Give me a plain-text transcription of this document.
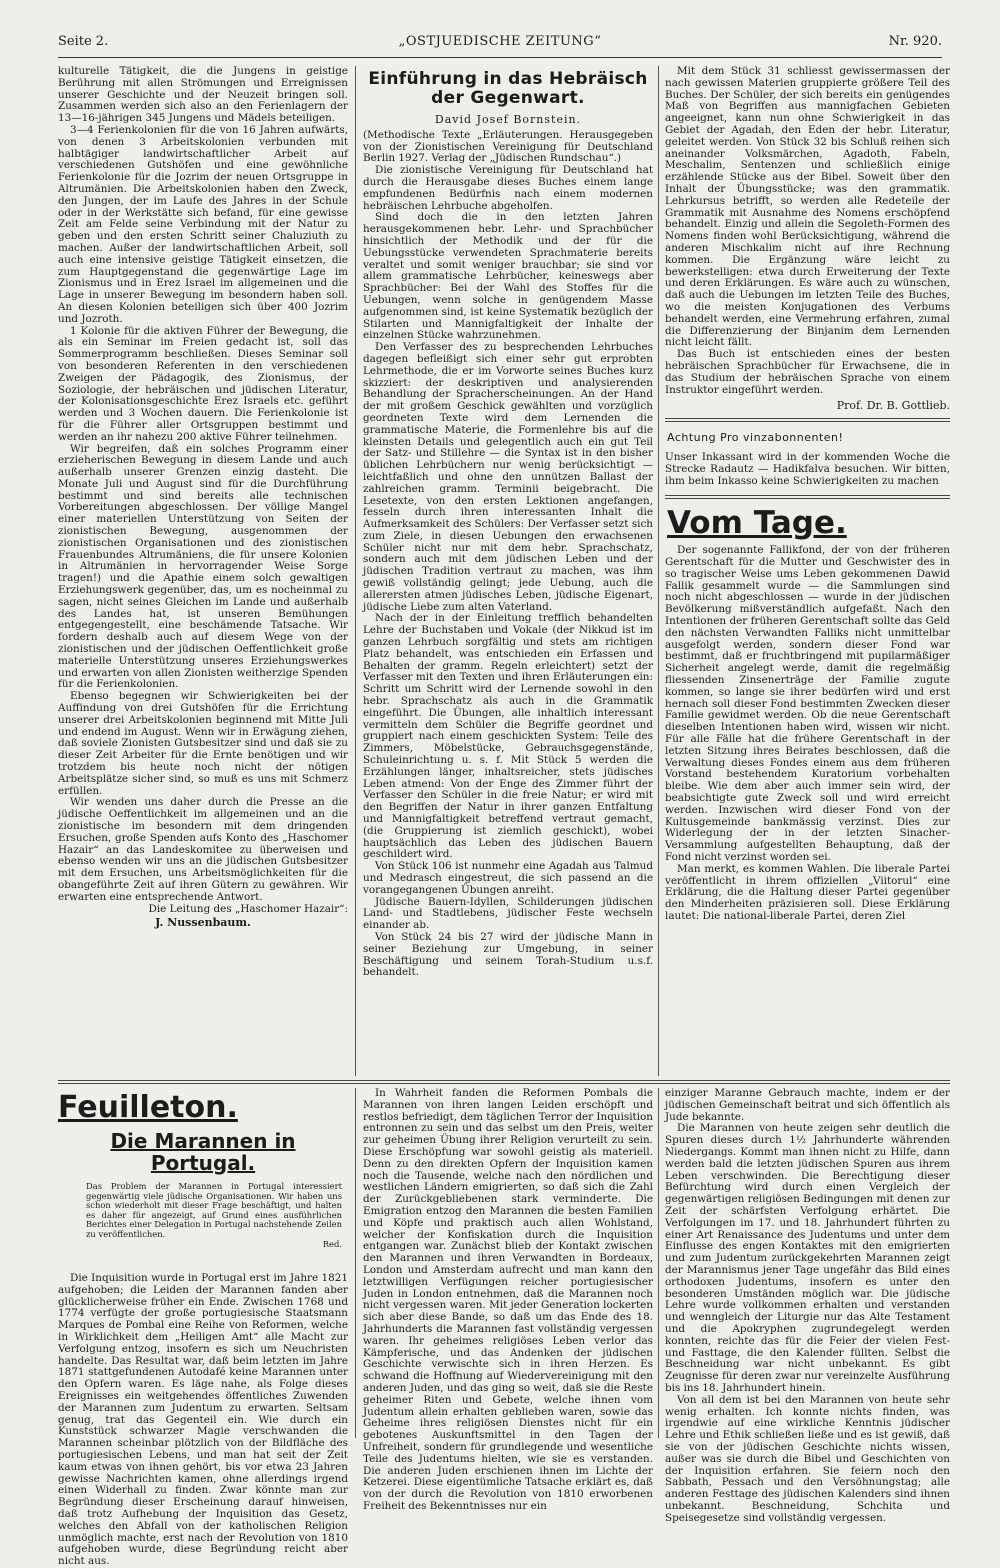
Seite 2.	„OSTJUEDISCHE ZEITUNG“	Nr. 920.

kulturelle Tätigkeit, die die Jungens in geistige Berührung mit allen Strömungen und Erreignissen unserer Geschichte und der Neuzeit bringen soll. Zusammen werden sich also an den Ferienlagern der 13—16-jährigen 345 Jungens und Mädels beteiligen.

3—4 Ferienkolonien für die von 16 Jahren aufwärts, von denen 3 Arbeitskolonien verbunden mit halbtägiger landwirtschaftlicher Arbeit auf verschiedenen Gutshöfen und eine gewöhnliche Ferienkolonie für die Jozrim der neuen Ortsgruppe in Altrumänien. Die Arbeitskolonien haben den Zweck, den Jungen, der im Laufe des Jahres in der Schule oder in der Werkstätte sich befand, für eine gewisse Zeit am Felde seine Verbindung mit der Natur zu geben und den ersten Schritt seiner Chaluziuth zu machen. Außer der landwirtschaftlichen Arbeit, soll auch eine intensive geistige Tätigkeit einsetzen, die zum Hauptgegenstand die gegenwärtige Lage im Zionismus und in Erez Israel im allgemeinen und die Lage in unserer Bewegung im besondern haben soll. An diesen Kolonien beteiligen sich über 400 Jozrim und Jozroth.

1 Kolonie für die aktiven Führer der Bewegung, die als ein Seminar im Freien gedacht ist, soll das Sommerprogramm beschließen. Dieses Seminar soll von besonderen Referenten in den verschiedenen Zweigen der Pädagogik, des Zionismus, der Soziologie, der hebräischen und jüdischen Literatur, der Kolonisationsgeschichte Erez Israels etc. geführt werden und 3 Wochen dauern. Die Ferienkolonie ist für die Führer aller Ortsgruppen bestimmt und werden an ihr nahezu 200 aktive Führer teilnehmen.

Wir begreifen, daß ein solches Programm einer erzieherischen Bewegung in diesem Lande und auch außerhalb unserer Grenzen einzig dasteht. Die Monate Juli und August sind für die Durchführung bestimmt und sind bereits alle technischen Vorbereitungen abgeschlossen. Der völlige Mangel einer materiellen Unterstützung von Seiten der zionistischen Bewegung, ausgenommen der zionistischen Organisationen und des zionistischen Frauenbundes Altrumäniens, die für unsere Kolonien in Altrumänien in hervorragender Weise Sorge tragen!) und die Apathie einem solch gewaltigen Erziehungswerk gegenüber, das, um es nocheinmal zu sagen, nicht seines Gleichen im Lande und außerhalb des Landes hat, ist unseren Bemühungen entgegengestellt, eine beschämende Tatsache. Wir fordern deshalb auch auf diesem Wege von der zionistischen und der jüdischen Oeffentlichkeit große materielle Unterstützung unseres Erziehungswerkes und erwarten von allen Zionisten weitherzige Spenden für die Ferienkolonien.

Ebenso begegnen wir Schwierigkeiten bei der Auffindung von drei Gutshöfen für die Errichtung unserer drei Arbeitskolonien beginnend mit Mitte Juli und endend im August. Wenn wir in Erwägung ziehen, daß soviele Zionisten Gutsbesitzer sind und daß sie zu dieser Zeit Arbeiter für die Ernte benötigen und wir trotzdem bis heute noch nicht der nötigen Arbeitsplätze sicher sind, so muß es uns mit Schmerz erfüllen.

Wir wenden uns daher durch die Presse an die jüdische Oeffentlichkeit im allgemeinen und an die zionistische im besondern mit dem dringenden Ersuchen, große Spenden aufs Konto des „Haschomer Hazair“ an das Landeskomitee zu überweisen und ebenso wenden wir uns an die jüdischen Gutsbesitzer mit dem Ersuchen, uns Arbeitsmöglichkeiten für die obangeführte Zeit auf ihren Gütern zu gewähren. Wir erwarten eine entsprechende Antwort.

Die Leitung des „Haschomer Hazair“:

J. Nussenbaum.
Einführung in das Hebräisch der Gegenwart.
David Josef Bornstein.

(Methodische Texte „Erläuterungen. Herausgegeben von der Zionistischen Vereinigung für Deutschland Berlin 1927. Verlag der „Jüdischen Rundschau“.)

Die zionistische Vereinigung für Deutschland hat durch die Herausgabe dieses Buches einem lange empfundenen Bedürfnis nach einem modernen hebräischen Lehrbuche abgeholfen.

Sind doch die in den letzten Jahren herausgekommenen hebr. Lehr- und Sprachbücher hinsichtlich der Methodik und der für die Uebungsstücke verwendeten Sprachmaterie bereits veraltet und somit weniger brauchbar; sie sind vor allem grammatische Lehrbücher, keineswegs aber Sprachbücher: Bei der Wahl des Stoffes für die Uebungen, wenn solche in genügendem Masse aufgenommen sind, ist keine Systematik bezüglich der Stilarten und Mannigfaltigkeit der Inhalte der einzelnen Stücke wahrzunehmen.

Den Verfasser des zu besprechenden Lehrbuches dagegen befleißigt sich einer sehr gut erprobten Lehrmethode, die er im Vorworte seines Buches kurz skizziert: der deskriptiven und analysierenden Behandlung der Spracherscheinungen. An der Hand der mit großem Geschick gewählten und vorzüglich geordneten Texte wird dem Lernenden die grammatische Materie, die Formenlehre bis auf die kleinsten Details und gelegentlich auch ein gut Teil der Satz- und Stillehre — die Syntax ist in den bisher üblichen Lehrbüchern nur wenig berücksichtigt — leichtfaßlich und ohne den unnützen Ballast der zahlreichen gramm. Terminii beigebracht. Die Lesetexte, von den ersten Lektionen angefangen, fesseln durch ihren interessanten Inhalt die Aufmerksamkeit des Schülers: Der Verfasser setzt sich zum Ziele, in diesen Uebungen den erwachsenen Schüler nicht nur mit dem hebr. Sprachschatz, sondern auch mit dem jüdischen Leben und der jüdischen Tradition vertraut zu machen, was ihm gewiß vollständig gelingt; jede Uebung, auch die allerersten atmen jüdisches Leben, jüdische Eigenart, jüdische Liebe zum alten Vaterland.

Nach der in der Einleitung trefflich behandelten Lehre der Buchstaben und Vokale (der Nikkud ist im ganzen Lehrbuch sorgfältig und stets am richtigen Platz behandelt, was entschieden ein Erfassen und Behalten der gramm. Regeln erleichtert) setzt der Verfasser mit den Texten und ihren Erläuterungen ein: Schritt um Schritt wird der Lernende sowohl in den hebr. Sprachschatz als auch in die Grammatik eingeführt. Die Übungen, alle inhaltlich interessant vermitteln dem Schüler die Begriffe geordnet und gruppiert nach einem geschickten System: Teile des Zimmers, Möbelstücke, Gebrauchsgegenstände, Schuleinrichtung u. s. f. Mit Stück 5 werden die Erzählungen länger, inhaltsreicher, stets jüdisches Leben atmend: Von der Enge des Zimmer führt der Verfasser den Schüler in die freie Natur; er wird mit den Begriffen der Natur in ihrer ganzen Entfaltung und Mannigfaltigkeit betreffend vertraut gemacht, (die Gruppierung ist ziemlich geschickt), wobei hauptsächlich das Leben des jüdischen Bauern geschildert wird.

Von Stück 106 ist nunmehr eine Agadah aus Talmud und Medrasch eingestreut, die sich passend an die vorangegangenen Übungen anreiht.

Jüdische Bauern-Idyllen, Schilderungen jüdischen Land- und Stadtlebens, jüdischer Feste wechseln einander ab.

Von Stück 24 bis 27 wird der jüdische Mann in seiner Beziehung zur Umgebung, in seiner Beschäftigung und seinem Torah-Studium u.s.f. behandelt.

Mit dem Stück 31 schliesst gewissermassen der nach gewissen Materien gruppierte größere Teil des Buches. Der Schüler, der sich bereits ein genügendes Maß von Begriffen aus mannigfachen Gebieten angeeignet, kann nun ohne Schwierigkeit in das Gebiet der Agadah, den Eden der hebr. Literatur, geleitet werden. Von Stück 32 bis Schluß reihen sich aneinander Volksmärchen, Agadoth, Fabeln, Meschalim, Sentenzen und schließlich einige erzählende Stücke aus der Bibel. Soweit über den Inhalt der Übungsstücke; was den grammatik. Lehrkursus betrifft, so werden alle Redeteile der Grammatik mit Ausnahme des Nomens erschöpfend behandelt. Einzig und allein die Segoleth-Formen des Nomens finden wohl Berücksichtigung, während die anderen Mischkalim nicht auf ihre Rechnung kommen. Die Ergänzung wäre leicht zu bewerkstelligen: etwa durch Erweiterung der Texte und deren Erklärungen. Es wäre auch zu wünschen, daß auch die Uebungen im letzten Teile des Buches, wo die meisten Konjugationen des Verbums behandelt werden, eine Vermehrung erfahren, zumal die Differenzierung der Binjanim dem Lernenden nicht leicht fällt.

Das Buch ist entschieden eines der besten hebräischen Sprachbücher für Erwachsene, die in das Studium der hebräischen Sprache von einem Instruktor eingeführt werden.

Prof. Dr. B. Gottlieb.
Achtung Pro vinzabonnenten!

Unser Inkassant wird in der kommenden Woche die Strecke Radautz — Hadikfalva besuchen. Wir bitten, ihm beim Inkasso keine Schwierigkeiten zu machen

Vom Tage.

Der sogenannte Fallikfond, der von der früheren Gerentschaft für die Mutter und Geschwister des in so tragischer Weise ums Leben gekommenen Dawid Fallik gesammelt wurde — die Sammlungen sind noch nicht abgeschlossen — wurde in der jüdischen Bevölkerung mißverständlich aufgefaßt. Nach den Intentionen der früheren Gerentschaft sollte das Geld den nächsten Verwandten Falliks nicht unmittelbar ausgefolgt werden, sondern dieser Fond war bestimmt, daß er fruchtbringend mit pupilarmäßiger Sicherheit angelegt werde, damit die regelmäßig fliessenden Zinsenerträge der Familie zugute kommen, so lange sie ihrer bedürfen wird und erst hernach soll dieser Fond bestimmten Zwecken dieser Familie gewidmet werden. Ob die neue Gerentschaft dieselben Intentionen haben wird, wissen wir nicht. Für alle Fälle hat die frühere Gerentschaft in der letzten Sitzung ihres Beirates beschlossen, daß die Verwaltung dieses Fondes einem aus dem früheren Vorstand bestehendem Kuratorium vorbehalten bleibe. Wie dem aber auch immer sein wird, der beabsichtigte gute Zweck soll und wird erreicht werden. Inzwischen wird dieser Fond von der Kultusgemeinde bankmässig verzinst. Dies zur Widerlegung der in der letzten Sinacher-Versammlung aufgestellten Behauptung, daß der Fond nicht verzinst worden sei.

Man merkt, es kommen Wahlen. Die liberale Partei veröffentlicht in ihrem offiziellen „Viitorul“ eine Erklärung, die die Haltung dieser Partei gegenüber den Minderheiten präzisieren soll. Diese Erklärung lautet: Die national-liberale Partei, deren Ziel

Feuilleton.
Die Marannen in Portugal.
Das Problem der Marannen in Portugal interessiert gegenwärtig viele jüdische Organisationen. Wir haben uns schon wiederholt mit dieser Frage beschäftigt, und halten es daher für angezeigt, auf Grund eines ausführlichen Berichtes einer Delegation in Portugal nachstehende Zeilen zu veröffentlichen.
Red.

Die Inquisition wurde in Portugal erst im Jahre 1821 aufgehoben; die Leiden der Marannen fanden aber glücklicherweise früher ein Ende. Zwischen 1768 und 1774 verfügte der große portugiesische Staatsmann Marques de Pombal eine Reihe von Reformen, welche in Wirklichkeit dem „Heiligen Amt“ alle Macht zur Verfolgung entzog, insofern es sich um Neuchristen handelte. Das Resultat war, daß beim letzten im Jahre 1871 stattgefundenen Autodafé keine Marannen unter den Opfern waren. Es läge nahe, als Folge dieses Ereignisses ein weitgehendes öffentliches Zuwenden der Marannen zum Judentum zu erwarten. Seltsam genug, trat das Gegenteil ein. Wie durch ein Kunststück schwarzer Magie verschwanden die Marannen scheinbar plötzlich von der Bildfläche des portugiesischen Lebens, und man hat seit der Zeit kaum etwas von ihnen gehört, bis vor etwa 23 Jahren gewisse Nachrichten kamen, ohne allerdings irgend einen Widerhall zu finden. Zwar könnte man zur Begründung dieser Erscheinung darauf hinweisen, daß trotz Aufhebung der Inquisition das Gesetz, welches den Abfall von der katholischen Religion unmöglich machte, erst nach der Revolution von 1810 aufgehoben wurde, diese Begründung reicht aber nicht aus.

In Wahrheit fanden die Reformen Pombals die Marannen von ihren langen Leiden erschöpft und restlos befriedigt, dem täglichen Terror der Inquisition entronnen zu sein und das selbst um den Preis, weiter zur geheimen Übung ihrer Religion verurteilt zu sein. Diese Erschöpfung war sowohl geistig als materiell. Denn zu den direkten Opfern der Inquisition kamen noch die Tausende, welche nach den nördlichen und westlichen Ländern emigrierten, so daß sich die Zahl der Zurückgebliebenen stark verminderte. Die Emigration entzog den Marannen die besten Familien und Köpfe und praktisch auch allen Wohlstand, welcher der Konfiskation durch die Inquisition entgangen war. Zunächst blieb der Kontakt zwischen den Marannen und ihren Verwandten in Bordeaux, London und Amsterdam aufrecht und man kann den letztwilligen Verfügungen reicher portugiesischer Juden in London entnehmen, daß die Marannen noch nicht vergessen waren. Mit jeder Generation lockerten sich aber diese Bande, so daß um das Ende des 18. Jahrhunderts die Marannen fast vollständig vergessen waren. Ihr geheimes religiöses Leben verlor das Kämpferische, und das Andenken der jüdischen Geschichte verwischte sich in ihren Herzen. Es schwand die Hoffnung auf Wiedervereinigung mit den anderen Juden, und das ging so weit, daß sie die Reste geheimer Riten und Gebete, welche ihnen vom Judentum allein erhalten geblieben waren, sowie das Geheime ihres religiösen Dienstes nicht für ein gebotenes Auskunftsmittel in den Tagen der Unfreiheit, sondern für grundlegende und wesentliche Teile des Judentums hielten, wie sie es verstanden. Die anderen Juden erschienen ihnen im Lichte der Ketzerei. Diese eigentümliche Tatsache erklärt es, daß von der durch die Revolution von 1810 erworbenen Freiheit des Bekenntnisses nur ein

einziger Maranne Gebrauch machte, indem er der jüdischen Gemeinschaft beitrat und sich öffentlich als Jude bekannte.

Die Marannen von heute zeigen sehr deutlich die Spuren dieses durch 1½ Jahrhunderte währenden Niedergangs. Kommt man ihnen nicht zu Hilfe, dann werden bald die letzten jüdischen Spuren aus ihrem Leben verschwinden. Die Berechtigung dieser Befürchtung wird durch einen Vergleich der gegenwärtigen religiösen Bedingungen mit denen zur Zeit der schärfsten Verfolgung erhärtet. Die Verfolgungen im 17. und 18. Jahrhundert führten zu einer Art Renaissance des Judentums und unter dem Einflusse des engen Kontaktes mit den emigrierten und zum Judentum zurückgekehrten Marannen zeigt der Marannismus jener Tage ungefähr das Bild eines orthodoxen Judentums, insofern es unter den besonderen Umständen möglich war. Die jüdische Lehre wurde vollkommen erhalten und verstanden und wenngleich der Liturgie nur das Alte Testament und die Apokryphen zugrundegelegt werden konnten, reichte das für die Feier der vielen Fest- und Fasttage, die den Kalender füllten. Selbst die Beschneidung war nicht unbekannt. Es gibt Zeugnisse für deren zwar nur vereinzelte Ausführung bis ins 18. Jahrhundert hinein.

Von all dem ist bei den Marannen von heute sehr wenig erhalten. Ich konnte nichts finden, was irgendwie auf eine wirkliche Kenntnis jüdischer Lehre und Ethik schließen ließe und es ist gewiß, daß sie von der jüdischen Geschichte nichts wissen, außer was sie durch die Bibel und Geschichten von der Inquisition erfahren. Sie feiern noch den Sabbath, Pessach und den Versöhnungstag; alle anderen Festtage des jüdischen Kalenders sind ihnen unbekannt. Beschneidung, Schchita und Speisegesetze sind vollständig vergessen.
